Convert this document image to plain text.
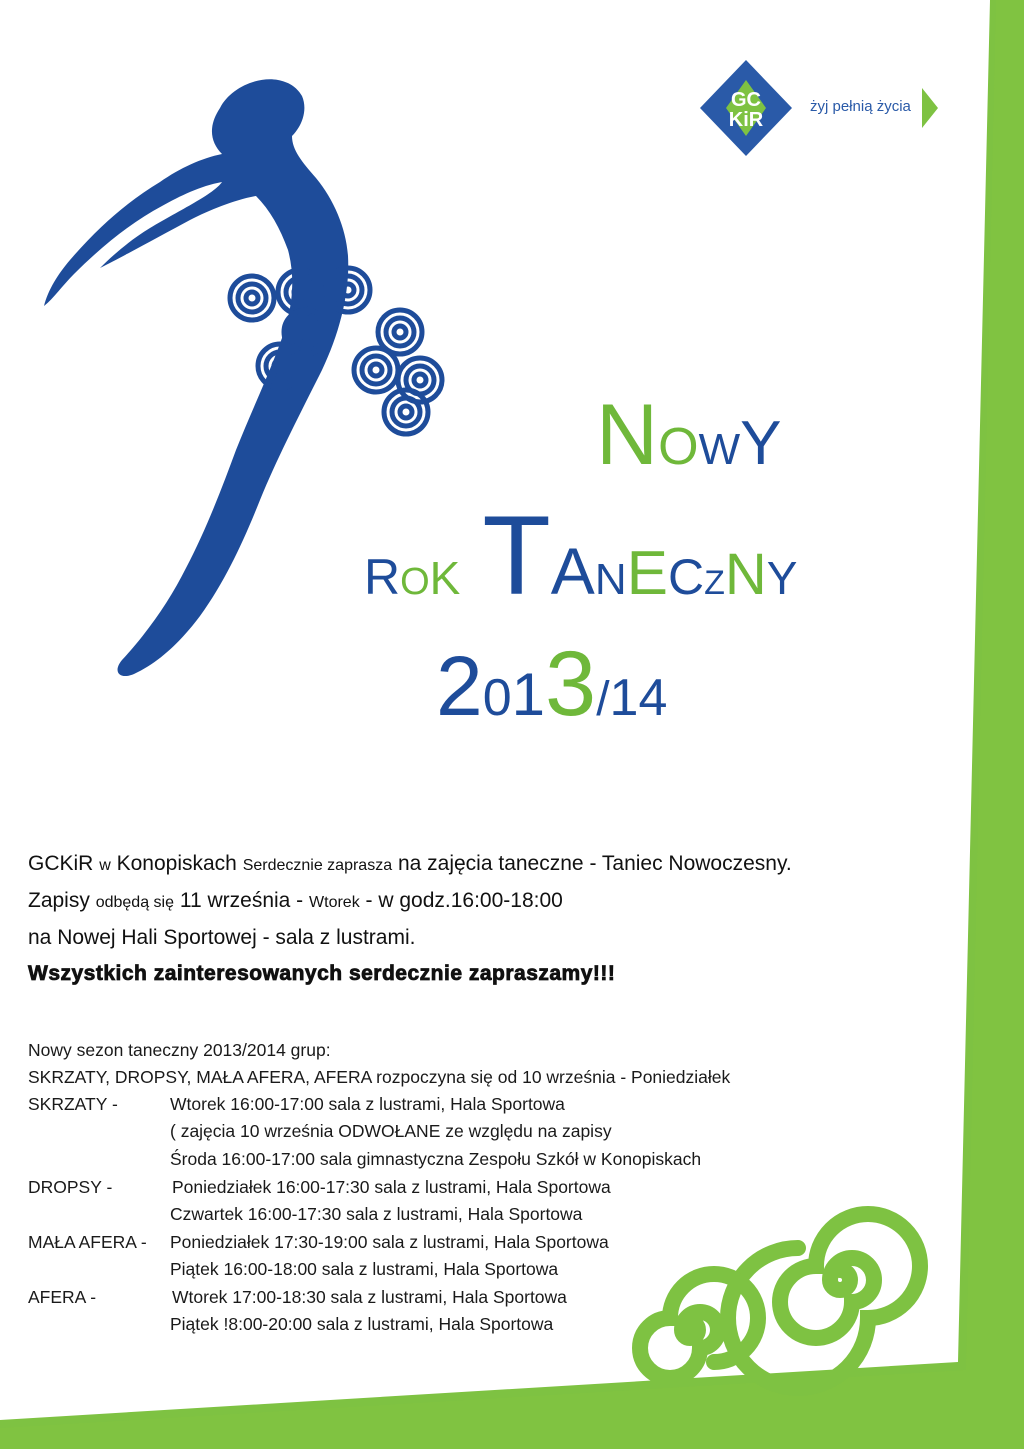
GC
KiR
żyj pełnią życia
NOWY
ROK TANECZNY
2013/14
GCKiR w Konopiskach Serdecznie zaprasza na zajęcia taneczne - Taniec Nowoczesny.
Zapisy odbędą się 11 września - Wtorek - w godz.16:00-18:00
na Nowej Hali Sportowej - sala z lustrami.
Wszystkich zainteresowanych serdecznie zapraszamy!!!
Nowy sezon taneczny 2013/2014 grup:
SKRZATY, DROPSY, MAŁA AFERA, AFERA rozpoczyna się od 10 września - Poniedziałek
SKRZATY -	Wtorek 16:00-17:00 sala z lustrami, Hala Sportowa
( zajęcia 10 września ODWOŁANE ze względu na zapisy
Środa 16:00-17:00 sala gimnastyczna Zespołu Szkół w Konopiskach
DROPSY -	Poniedziałek 16:00-17:30 sala z lustrami, Hala Sportowa
Czwartek 16:00-17:30 sala z lustrami, Hala Sportowa
MAŁA AFERA - Poniedziałek 17:30-19:00 sala z lustrami, Hala Sportowa
Piątek 16:00-18:00 sala z lustrami, Hala Sportowa
AFERA -	Wtorek 17:00-18:30 sala z lustrami, Hala Sportowa
Piątek !8:00-20:00 sala z lustrami, Hala Sportowa
